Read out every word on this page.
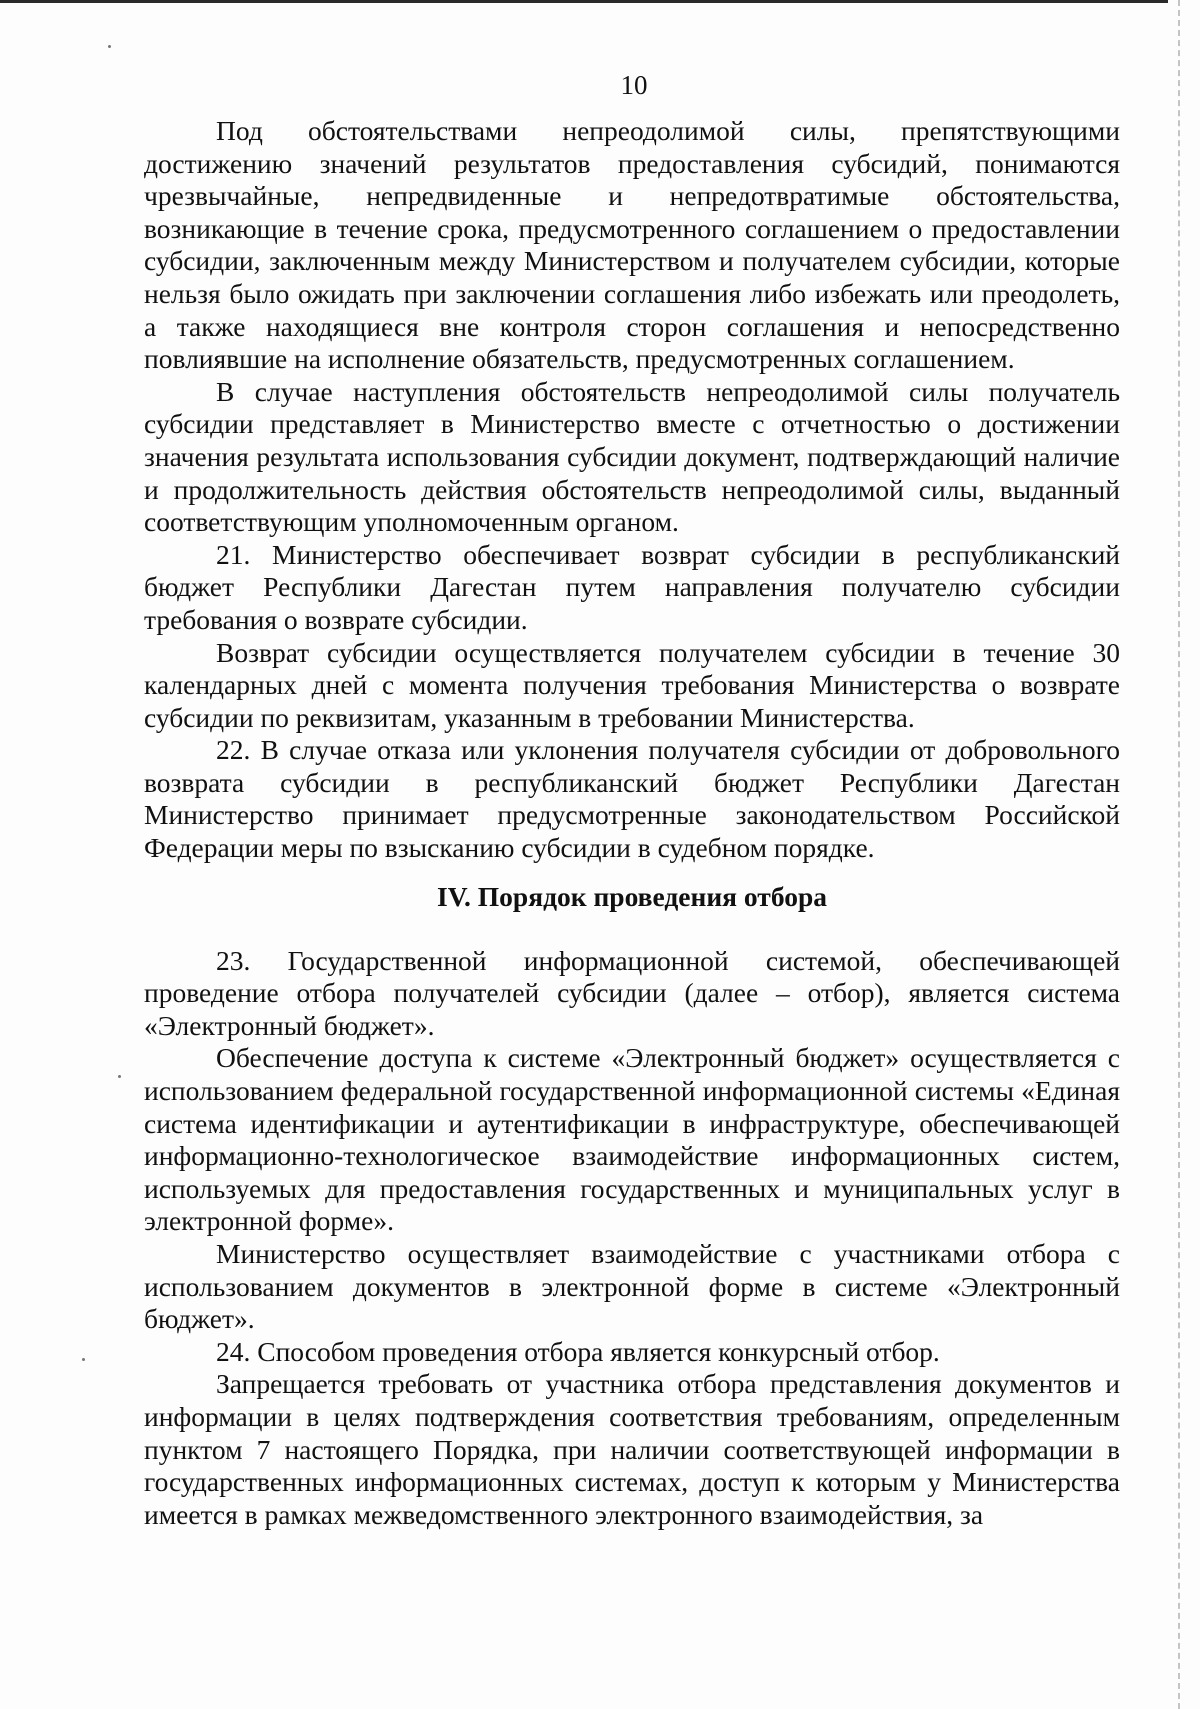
10

Под обстоятельствами непреодолимой силы, препятствующими достижению значений результатов предоставления субсидий, понимаются чрезвычайные, непредвиденные и непредотвратимые обстоятельства, возникающие в течение срока, предусмотренного соглашением о предоставлении субсидии, заключенным между Министерством и получателем субсидии, которые нельзя было ожидать при заключении соглашения либо избежать или преодолеть, а также находящиеся вне контроля сторон соглашения и непосредственно повлиявшие на исполнение обязательств, предусмотренных соглашением.

В случае наступления обстоятельств непреодолимой силы получатель субсидии представляет в Министерство вместе с отчетностью о достижении значения результата использования субсидии документ, подтверждающий наличие и продолжительность действия обстоятельств непреодолимой силы, выданный соответствующим уполномоченным органом.

21. Министерство обеспечивает возврат субсидии в республиканский бюджет Республики Дагестан путем направления получателю субсидии требования о возврате субсидии.

Возврат субсидии осуществляется получателем субсидии в течение 30 календарных дней с момента получения требования Министерства о возврате субсидии по реквизитам, указанным в требовании Министерства.

22. В случае отказа или уклонения получателя субсидии от добровольного возврата субсидии в республиканский бюджет Республики Дагестан Министерство принимает предусмотренные законодательством Российской Федерации меры по взысканию субсидии в судебном порядке.

IV. Порядок проведения отбора

23. Государственной информационной системой, обеспечивающей проведение отбора получателей субсидии (далее – отбор), является система «Электронный бюджет».

Обеспечение доступа к системе «Электронный бюджет» осуществляется с использованием федеральной государственной информационной системы «Единая система идентификации и аутентификации в инфраструктуре, обеспечивающей информационно-технологическое взаимодействие информационных систем, используемых для предоставления государственных и муниципальных услуг в электронной форме».

Министерство осуществляет взаимодействие с участниками отбора с использованием документов в электронной форме в системе «Электронный бюджет».

24. Способом проведения отбора является конкурсный отбор.

Запрещается требовать от участника отбора представления документов и информации в целях подтверждения соответствия требованиям, определенным пунктом 7 настоящего Порядка, при наличии соответствующей информации в государственных информационных системах, доступ к которым у Министерства имеется в рамках межведомственного электронного взаимодействия, за
